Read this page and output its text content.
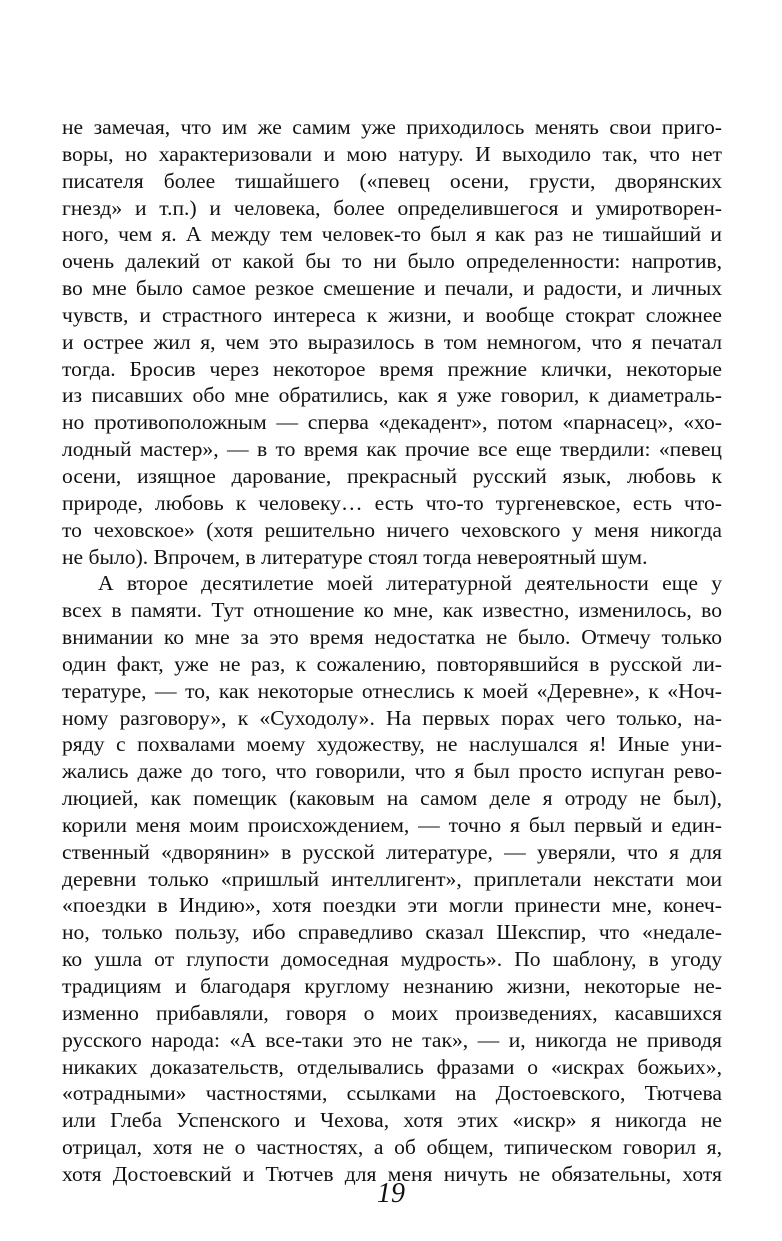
не замечая, что им же самим уже приходилось менять свои приго-
воры, но характеризовали и мою натуру. И выходило так, что нет
писателя более тишайшего («певец осени, грусти, дворянских
гнезд» и т.п.) и человека, более определившегося и умиротворен-
ного, чем я. А между тем человек-то был я как раз не тишайший и
очень далекий от какой бы то ни было определенности: напротив,
во мне было самое резкое смешение и печали, и радости, и личных
чувств, и страстного интереса к жизни, и вообще стократ сложнее
и острее жил я, чем это выразилось в том немногом, что я печатал
тогда. Бросив через некоторое время прежние клички, некоторые
из писавших обо мне обратились, как я уже говорил, к диаметраль-
но противоположным — сперва «декадент», потом «парнасец», «хо-
лодный мастер», — в то время как прочие все еще твердили: «певец
осени, изящное дарование, прекрасный русский язык, любовь к
природе, любовь к человеку… есть что-то тургеневское, есть что-
то чеховское» (хотя решительно ничего чеховского у меня никогда
не было). Впрочем, в литературе стоял тогда невероятный шум.
А второе десятилетие моей литературной деятельности еще у
всех в памяти. Тут отношение ко мне, как известно, изменилось, во
внимании ко мне за это время недостатка не было. Отмечу только
один факт, уже не раз, к сожалению, повторявшийся в русской ли-
тературе, — то, как некоторые отнеслись к моей «Деревне», к «Ноч-
ному разговору», к «Суходолу». На первых порах чего только, на-
ряду с похвалами моему художеству, не наслушался я! Иные уни-
жались даже до того, что говорили, что я был просто испуган рево-
люцией, как помещик (каковым на самом деле я отроду не был),
корили меня моим происхождением, — точно я был первый и един-
ственный «дворянин» в русской литературе, — уверяли, что я для
деревни только «пришлый интеллигент», приплетали некстати мои
«поездки в Индию», хотя поездки эти могли принести мне, конеч-
но, только пользу, ибо справедливо сказал Шекспир, что «недале-
ко ушла от глупости домоседная мудрость». По шаблону, в угоду
традициям и благодаря круглому незнанию жизни, некоторые не-
изменно прибавляли, говоря о моих произведениях, касавшихся
русского народа: «А все-таки это не так», — и, никогда не приводя
никаких доказательств, отделывались фразами о «искрах божьих»,
«отрадными» частностями, ссылками на Достоевского, Тютчева
или Глеба Успенского и Чехова, хотя этих «искр» я никогда не
отрицал, хотя не о частностях, а об общем, типическом говорил я,
хотя Достоевский и Тютчев для меня ничуть не обязательны, хотя
19
